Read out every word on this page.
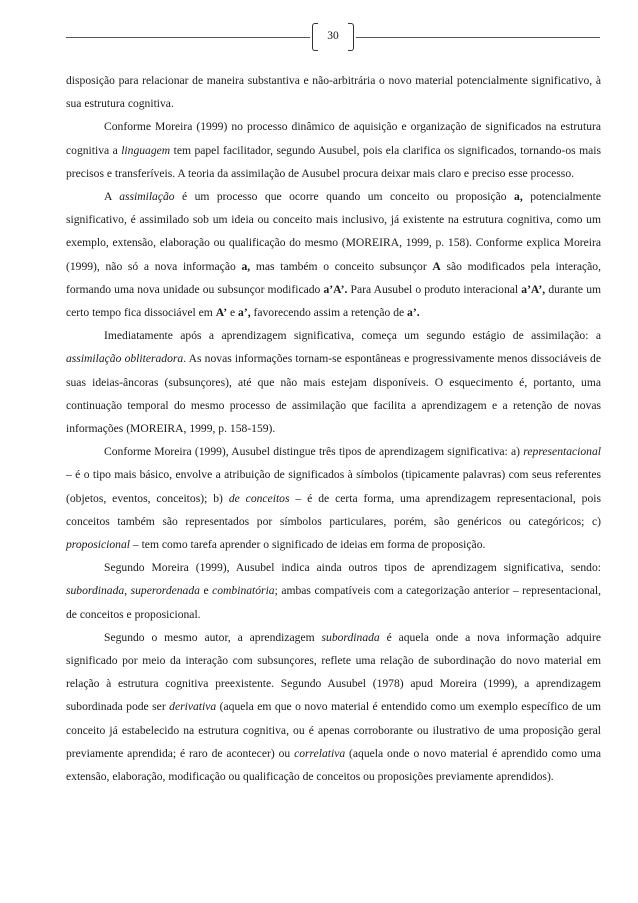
30

disposição para relacionar de maneira substantiva e não-arbitrária o novo material potencialmente significativo, à sua estrutura cognitiva.

Conforme Moreira (1999) no processo dinâmico de aquisição e organização de significados na estrutura cognitiva a linguagem tem papel facilitador, segundo Ausubel, pois ela clarifica os significados, tornando-os mais precisos e transferíveis. A teoria da assimilação de Ausubel procura deixar mais claro e preciso esse processo.

A assimilação é um processo que ocorre quando um conceito ou proposição a, potencialmente significativo, é assimilado sob um ideia ou conceito mais inclusivo, já existente na estrutura cognitiva, como um exemplo, extensão, elaboração ou qualificação do mesmo (MOREIRA, 1999, p. 158). Conforme explica Moreira (1999), não só a nova informação a, mas também o conceito subsunçor A são modificados pela interação, formando uma nova unidade ou subsunçor modificado a’A’. Para Ausubel o produto interacional a’A’, durante um certo tempo fica dissociável em A’ e a’, favorecendo assim a retenção de a’.

Imediatamente após a aprendizagem significativa, começa um segundo estágio de assimilação: a assimilação obliteradora. As novas informações tornam-se espontâneas e progressivamente menos dissociáveis de suas ideias-âncoras (subsunçores), até que não mais estejam disponíveis. O esquecimento é, portanto, uma continuação temporal do mesmo processo de assimilação que facilita a aprendizagem e a retenção de novas informações (MOREIRA, 1999, p. 158-159).

Conforme Moreira (1999), Ausubel distingue três tipos de aprendizagem significativa: a) representacional – é o tipo mais básico, envolve a atribuição de significados à símbolos (tipicamente palavras) com seus referentes (objetos, eventos, conceitos); b) de conceitos – é de certa forma, uma aprendizagem representacional, pois conceitos também são representados por símbolos particulares, porém, são genéricos ou categóricos; c) proposicional – tem como tarefa aprender o significado de ideias em forma de proposição.

Segundo Moreira (1999), Ausubel indica ainda outros tipos de aprendizagem significativa, sendo: subordinada, superordenada e combinatória; ambas compatíveis com a categorização anterior – representacional, de conceitos e proposicional.

Segundo o mesmo autor, a aprendizagem subordinada é aquela onde a nova informação adquire significado por meio da interação com subsunçores, reflete uma relação de subordinação do novo material em relação à estrutura cognitiva preexistente. Segundo Ausubel (1978) apud Moreira (1999), a aprendizagem subordinada pode ser derivativa (aquela em que o novo material é entendido como um exemplo específico de um conceito já estabelecido na estrutura cognitiva, ou é apenas corroborante ou ilustrativo de uma proposição geral previamente aprendida; é raro de acontecer) ou correlativa (aquela onde o novo material é aprendido como uma extensão, elaboração, modificação ou qualificação de conceitos ou proposições previamente aprendidos).
